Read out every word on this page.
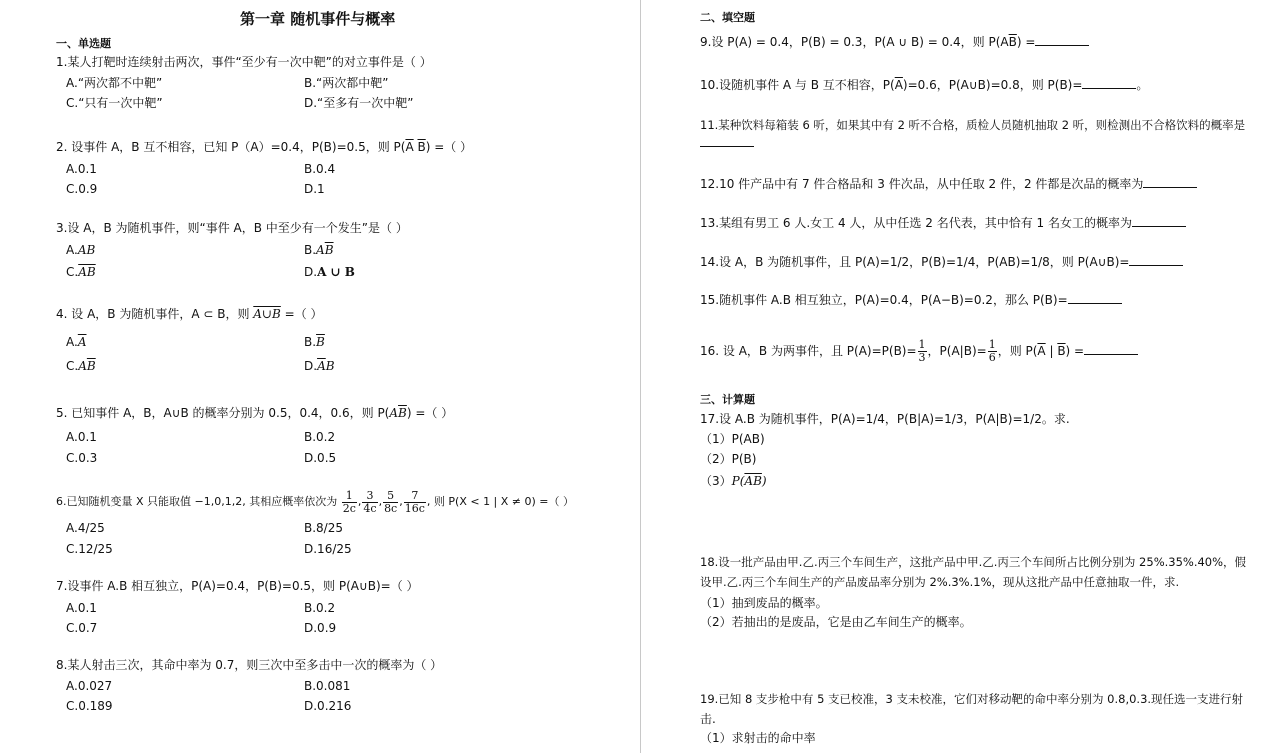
第一章 随机事件与概率
一、单选题
1.某人打靶时连续射击两次，事件“至少有一次中靶”的对立事件是（ ）
A.“两次都不中靶”	B.“两次都中靶”
C.“只有一次中靶”	D.“至多有一次中靶”
2. 设事件 A，B 互不相容，已知 P（A）=0.4，P(B)=0.5，则 $P(\overline{A}$ $\overline{B}$) =（ ）
A.0.1	B.0.4
C.0.9	D.1
3.设 A，B 为随机事件，则“事件 A，B 中至少有一个发生”是（ ）
A.AB	$B.A\overline{B}$
$C.\overline{AB}$	D.A ∪ B
4. 设 A，B 为随机事件，A ⊂ B，则 A∪B =（ ）
$A.\overline{A}$	$B.\overline{B}$
$C.A\overline{B}$	$D.\overline{A}B$
5. 已知事件 A，B，A∪B 的概率分别为 0.5，0.4，0.6，则 $P(A\overline{B})$ =（ ）
A.0.1	B.0.2
C.0.3	D.0.5
6.已知随机变量 X 只能取值 −1,0,1,2, 其相应概率依次为 $\frac{1}{2c}$ , $\frac{3}{4c}$ , $\frac{5}{8c}$ , $\frac{7}{16c}$ , 则 P(X < 1 | X ≠ 0) =（ ）
A.4/25	B.8/25
C.12/25	D.16/25
7.设事件 A.B 相互独立，P(A)=0.4，P(B)=0.5，则 P(A∪B)=（ ）
A.0.1	B.0.2
C.0.7	D.0.9
8.某人射击三次，其命中率为 0.7，则三次中至多击中一次的概率为（ ）
A.0.027	B.0.081
C.0.189	D.0.216
二、填空题
9.设 P(A) = 0.4，P(B) = 0.3，P(A ∪ B) = 0.4，则 $P(A\overline{B})$ =
10.设随机事件 A 与 B 互不相容，$P(\overline{A})=0.6$，P(A∪B)=0.8，则 P(B)=	。
11.某种饮料每箱装 6 听，如果其中有 2 听不合格，质检人员随机抽取 2 听，则检测出不合格饮料的概率是
12.10 件产品中有 7 件合格品和 3 件次品，从中任取 2 件，2 件都是次品的概率为
13.某组有男工 6 人.女工 4 人，从中任选 2 名代表，其中恰有 1 名女工的概率为
14.设 A，B 为随机事件，且 P(A)=1/2，P(B)=1/4，P(AB)=1/8，则 P(A∪B)=
15.随机事件 A.B 相互独立，P(A)=0.4，P(A−B)=0.2，那么 P(B)=
16. 设 A，B 为两事件，且 $P(A)=P(B)= \frac{1}{3}$ ，$P(A|B)= \frac{1}{6}$ ，则 $P(\overline{A}$ | $\overline{B}$) =
三、计算题
17.设 A.B 为随机事件，P(A)=1/4，P(B|A)=1/3，P(A|B)=1/2。求.
（1）P(AB)
（2）P(B)
$(3)P(\overline{AB})$
18.设一批产品由甲.乙.丙三个车间生产，这批产品中甲.乙.丙三个车间所占比例分别为 25%.35%.40%，假
设甲.乙.丙三个车间生产的产品废品率分别为 2%.3%.1%，现从这批产品中任意抽取一件，求.
（1）抽到废品的概率。
（2）若抽出的是废品，它是由乙车间生产的概率。
19.已知 8 支步枪中有 5 支已校准，3 支未校准，它们对移动靶的命中率分别为 0.8,0.3.现任选一支进行射
击.
（1）求射击的命中率
